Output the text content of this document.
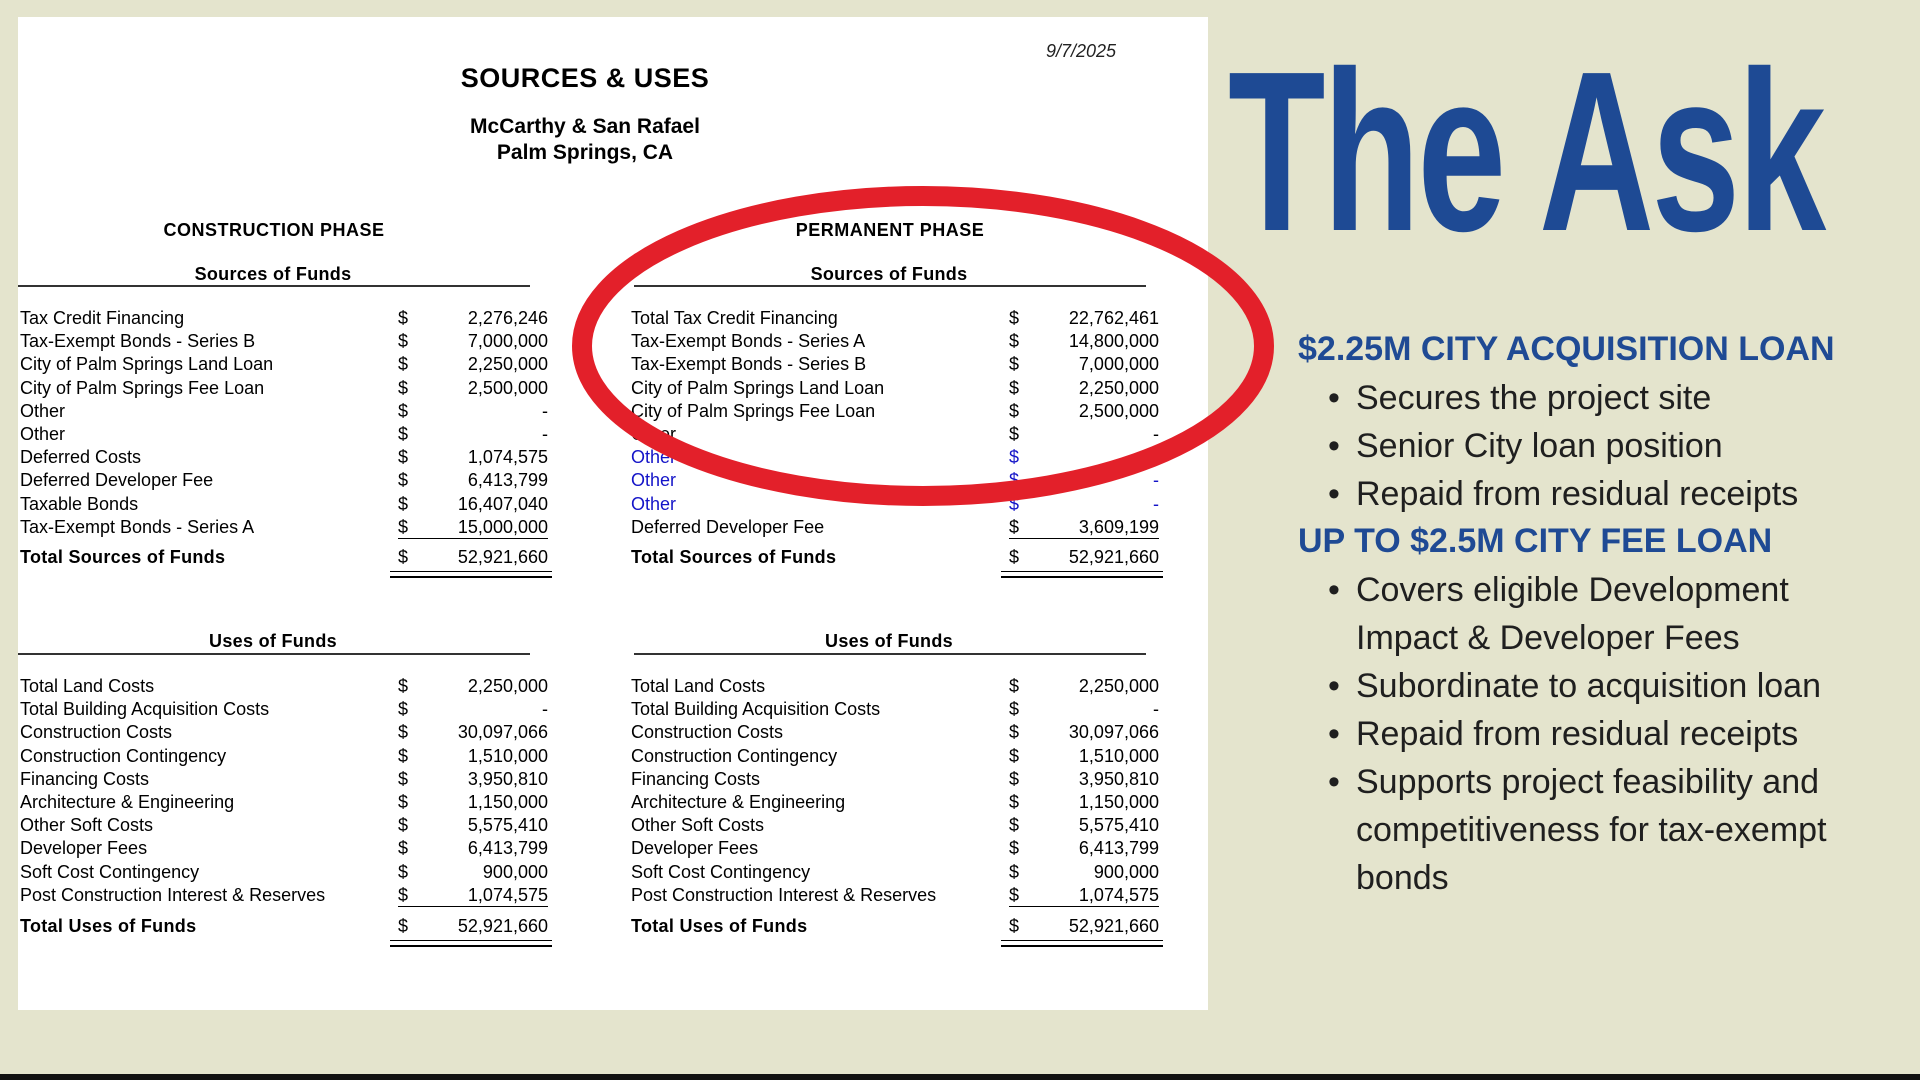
9/7/2025
SOURCES & USES
McCarthy & San Rafael
Palm Springs, CA
CONSTRUCTION PHASE
Sources of Funds
Tax Credit Financing	$	2,276,246
Tax-Exempt Bonds - Series B	$	7,000,000
City of Palm Springs Land Loan	$	2,250,000
City of Palm Springs Fee Loan	$	2,500,000
Other	$	-
Other	$	-
Deferred Costs	$	1,074,575
Deferred Developer Fee	$	6,413,799
Taxable Bonds	$	16,407,040
Tax-Exempt Bonds - Series A	$	15,000,000
Total Sources of Funds	$	52,921,660
Uses of Funds
Total Land Costs	$	2,250,000
Total Building Acquisition Costs	$	-
Construction Costs	$	30,097,066
Construction Contingency	$	1,510,000
Financing Costs	$	3,950,810
Architecture & Engineering	$	1,150,000
Other Soft Costs	$	5,575,410
Developer Fees	$	6,413,799
Soft Cost Contingency	$	900,000
Post Construction Interest & Reserves	$	1,074,575
Total Uses of Funds	$	52,921,660
PERMANENT PHASE
Sources of Funds
Total Tax Credit Financing	$	22,762,461
Tax-Exempt Bonds - Series A	$	14,800,000
Tax-Exempt Bonds - Series B	$	7,000,000
City of Palm Springs Land Loan	$	2,250,000
City of Palm Springs Fee Loan	$	2,500,000
Other	$	-
Other	$	-
Other	$	-
Other	$	-
Deferred Developer Fee	$	3,609,199
Total Sources of Funds	$	52,921,660
Uses of Funds
Total Land Costs	$	2,250,000
Total Building Acquisition Costs	$	-
Construction Costs	$	30,097,066
Construction Contingency	$	1,510,000
Financing Costs	$	3,950,810
Architecture & Engineering	$	1,150,000
Other Soft Costs	$	5,575,410
Developer Fees	$	6,413,799
Soft Cost Contingency	$	900,000
Post Construction Interest & Reserves	$	1,074,575
Total Uses of Funds	$	52,921,660
The Ask
$2.25M CITY ACQUISITION LOAN
• Secures the project site
• Senior City loan position
• Repaid from residual receipts
UP TO $2.5M CITY FEE LOAN
• Covers eligible Development Impact & Developer Fees
• Subordinate to acquisition loan
• Repaid from residual receipts
• Supports project feasibility and competitiveness for tax-exempt bonds
